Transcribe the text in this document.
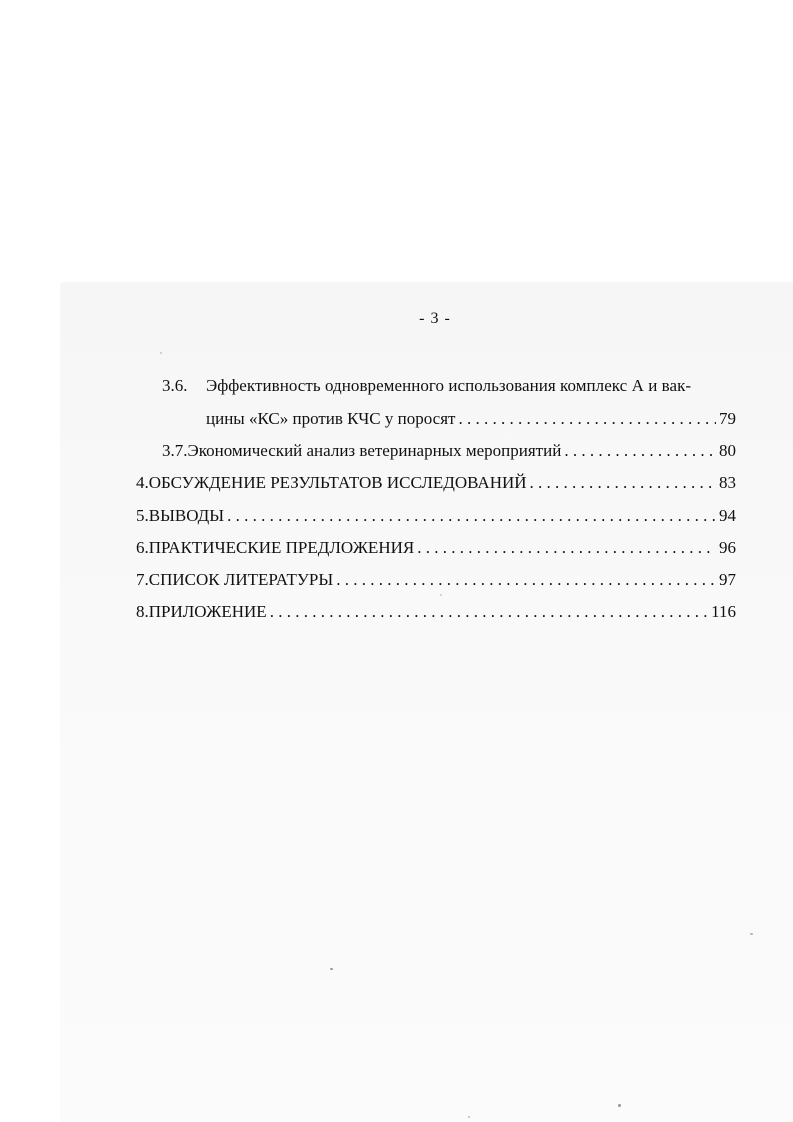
- 3 -
3.6.	Эффективность одновременного использования комплекс А и вак-
цины «КС» против КЧС у поросят . . .	79
3.7. Экономический анализ ветеринарных мероприятий . . .	80
4. ОБСУЖДЕНИЕ РЕЗУЛЬТАТОВ ИССЛЕДОВАНИЙ . . .	83
5. ВЫВОДЫ . . .	94
6. ПРАКТИЧЕСКИЕ ПРЕДЛОЖЕНИЯ . . .	96
7. СПИСОК ЛИТЕРАТУРЫ . . .	97
8. ПРИЛОЖЕНИЕ . . .	116
